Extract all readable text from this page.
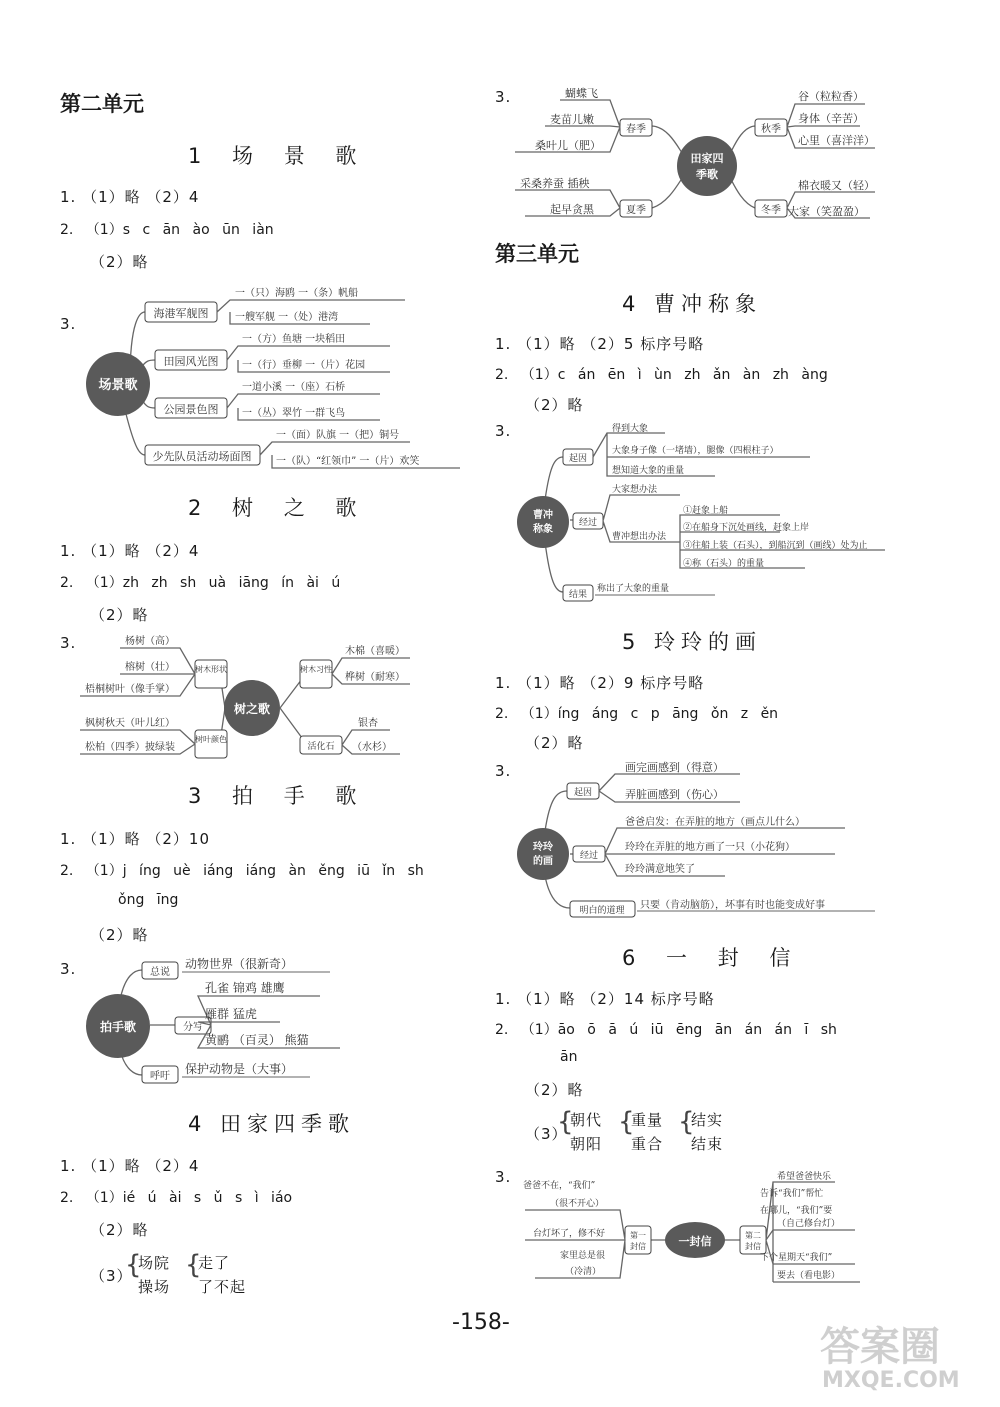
第二单元
1 场 景 歌
1. （1）略 （2）4
2. （1）s c ān ào ūn iàn
（2）略
3.
场景歌
海港军舰图
一（只）海鸥 一（条）帆船
一艘军舰 一（处）港湾
田园风光图
一（方）鱼塘 一块稻田
一（行）垂柳 一（片）花园
公园景色图
一道小溪 一（座）石桥
一（丛）翠竹 一群飞鸟
少先队员活动场面图
一（面）队旗 一（把）铜号
一（队）“红领巾” 一（片）欢笑
2 树 之 歌
1. （1）略 （2）4
2. （1）zh zh sh uà iāng ín ài ú
（2）略
3.
树之歌
树木形状
杨树（高）
榕树（壮）
梧桐树叶（像手掌）
树叶颜色
枫树秋天（叶儿红）
松柏（四季）披绿装
树木习性
木棉（喜暖）
桦树（耐寒）
活化石
银杏
（水杉）
3 拍 手 歌
1. （1）略 （2）10
2. （1）j íng uè iáng iáng àn ěng iū ǐn sh
ǒng īng
（2）略
3.
拍手歌
总说
动物世界（很新奇）
分写
孔雀 锦鸡 雄鹰
雁群 猛虎
黄鹂 （百灵） 熊猫
呼吁
保护动物是（大事）
4 田家四季歌
1. （1）略 （2）4
2. （1）ié ú ài s ǔ s ì iáo
（2）略
（3）
{
场院
操场
{
走了
了不起
3.
田家四
季歌
春季
蝴蝶飞
麦苗儿嫩
桑叶儿（肥）
夏季
采桑养蚕 插秧
起早贪黑
秋季
谷（粒粒香）
身体（辛苦）
心里（喜洋洋）
冬季
棉衣暖又（轻）
大家（笑盈盈）
第三单元
4 曹冲称象
1. （1）略 （2）5 标序号略
2. （1）c án ēn ì ùn zh ǎn àn zh àng
（2）略
3.
曹冲
称象
起因
得到大象
大象身子像（一堵墙），腿像（四根柱子）
想知道大象的重量
经过
大家想办法
曹冲想出办法
①赶象上船
②在船身下沉处画线，赶象上岸
③往船上装（石头），到船沉到（画线）处为止
④称（石头）的重量
结果
称出了大象的重量
5 玲玲的画
1. （1）略 （2）9 标序号略
2. （1）íng áng c p āng ǒn z ěn
（2）略
3.
玲玲
的画
起因
画完画感到（得意）
弄脏画感到（伤心）
经过
爸爸启发：在弄脏的地方（画点儿什么）
玲玲在弄脏的地方画了一只（小花狗）
玲玲满意地笑了
明白的道理 只要（肯动脑筋），坏事有时也能变成好事
6 一 封 信
1. （1）略 （2）14 标序号略
2. （1）āo ō ā ú iū ēng ān án án ī sh
ān
（2）略
（3）
{
朝代
朝阳
{
重量
重合
{
结实
结束
3.
一封信
第一
封信
爸爸不在，“我们”
（很不开心）
台灯坏了，修不好
家里总是很
（冷清）
第二
封信
希望爸爸快乐
告诉“我们”帮忙
在哪儿，“我们”要
（自己修台灯）
下个星期天“我们”
要去（看电影）
-158-
答案圈
MXQE.COM
